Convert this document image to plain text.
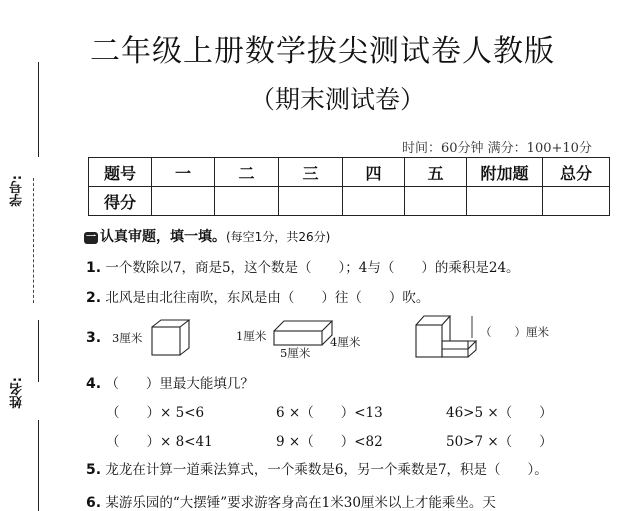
学号:
姓名:
二年级上册数学拔尖测试卷人教版
（期末测试卷）
时间：60分钟 满分：100+10分
题号	一	二	三	四	五	附加题	总分
得分							
一 认真审题，填一填。(每空1分，共26分)
1. 一个数除以7，商是5，这个数是（　　）；4与（　　）的乘积是24。
2. 北风是由北往南吹，东风是由（　　）往（　　）吹。
3. 3厘米	1厘米	4厘米
5厘米
（　　）厘米
4. （　　）里最大能填几？
（　　）× 5<6	6 ×（　　）<13	46>5 ×（　　）
（　　）× 8<41	9 ×（　　）<82	50>7 ×（　　）
5. 龙龙在计算一道乘法算式，一个乘数是6，另一个乘数是7，积是（　　）。
6. 某游乐园的“大摆锤”要求游客身高在1米30厘米以上才能乘坐。天
